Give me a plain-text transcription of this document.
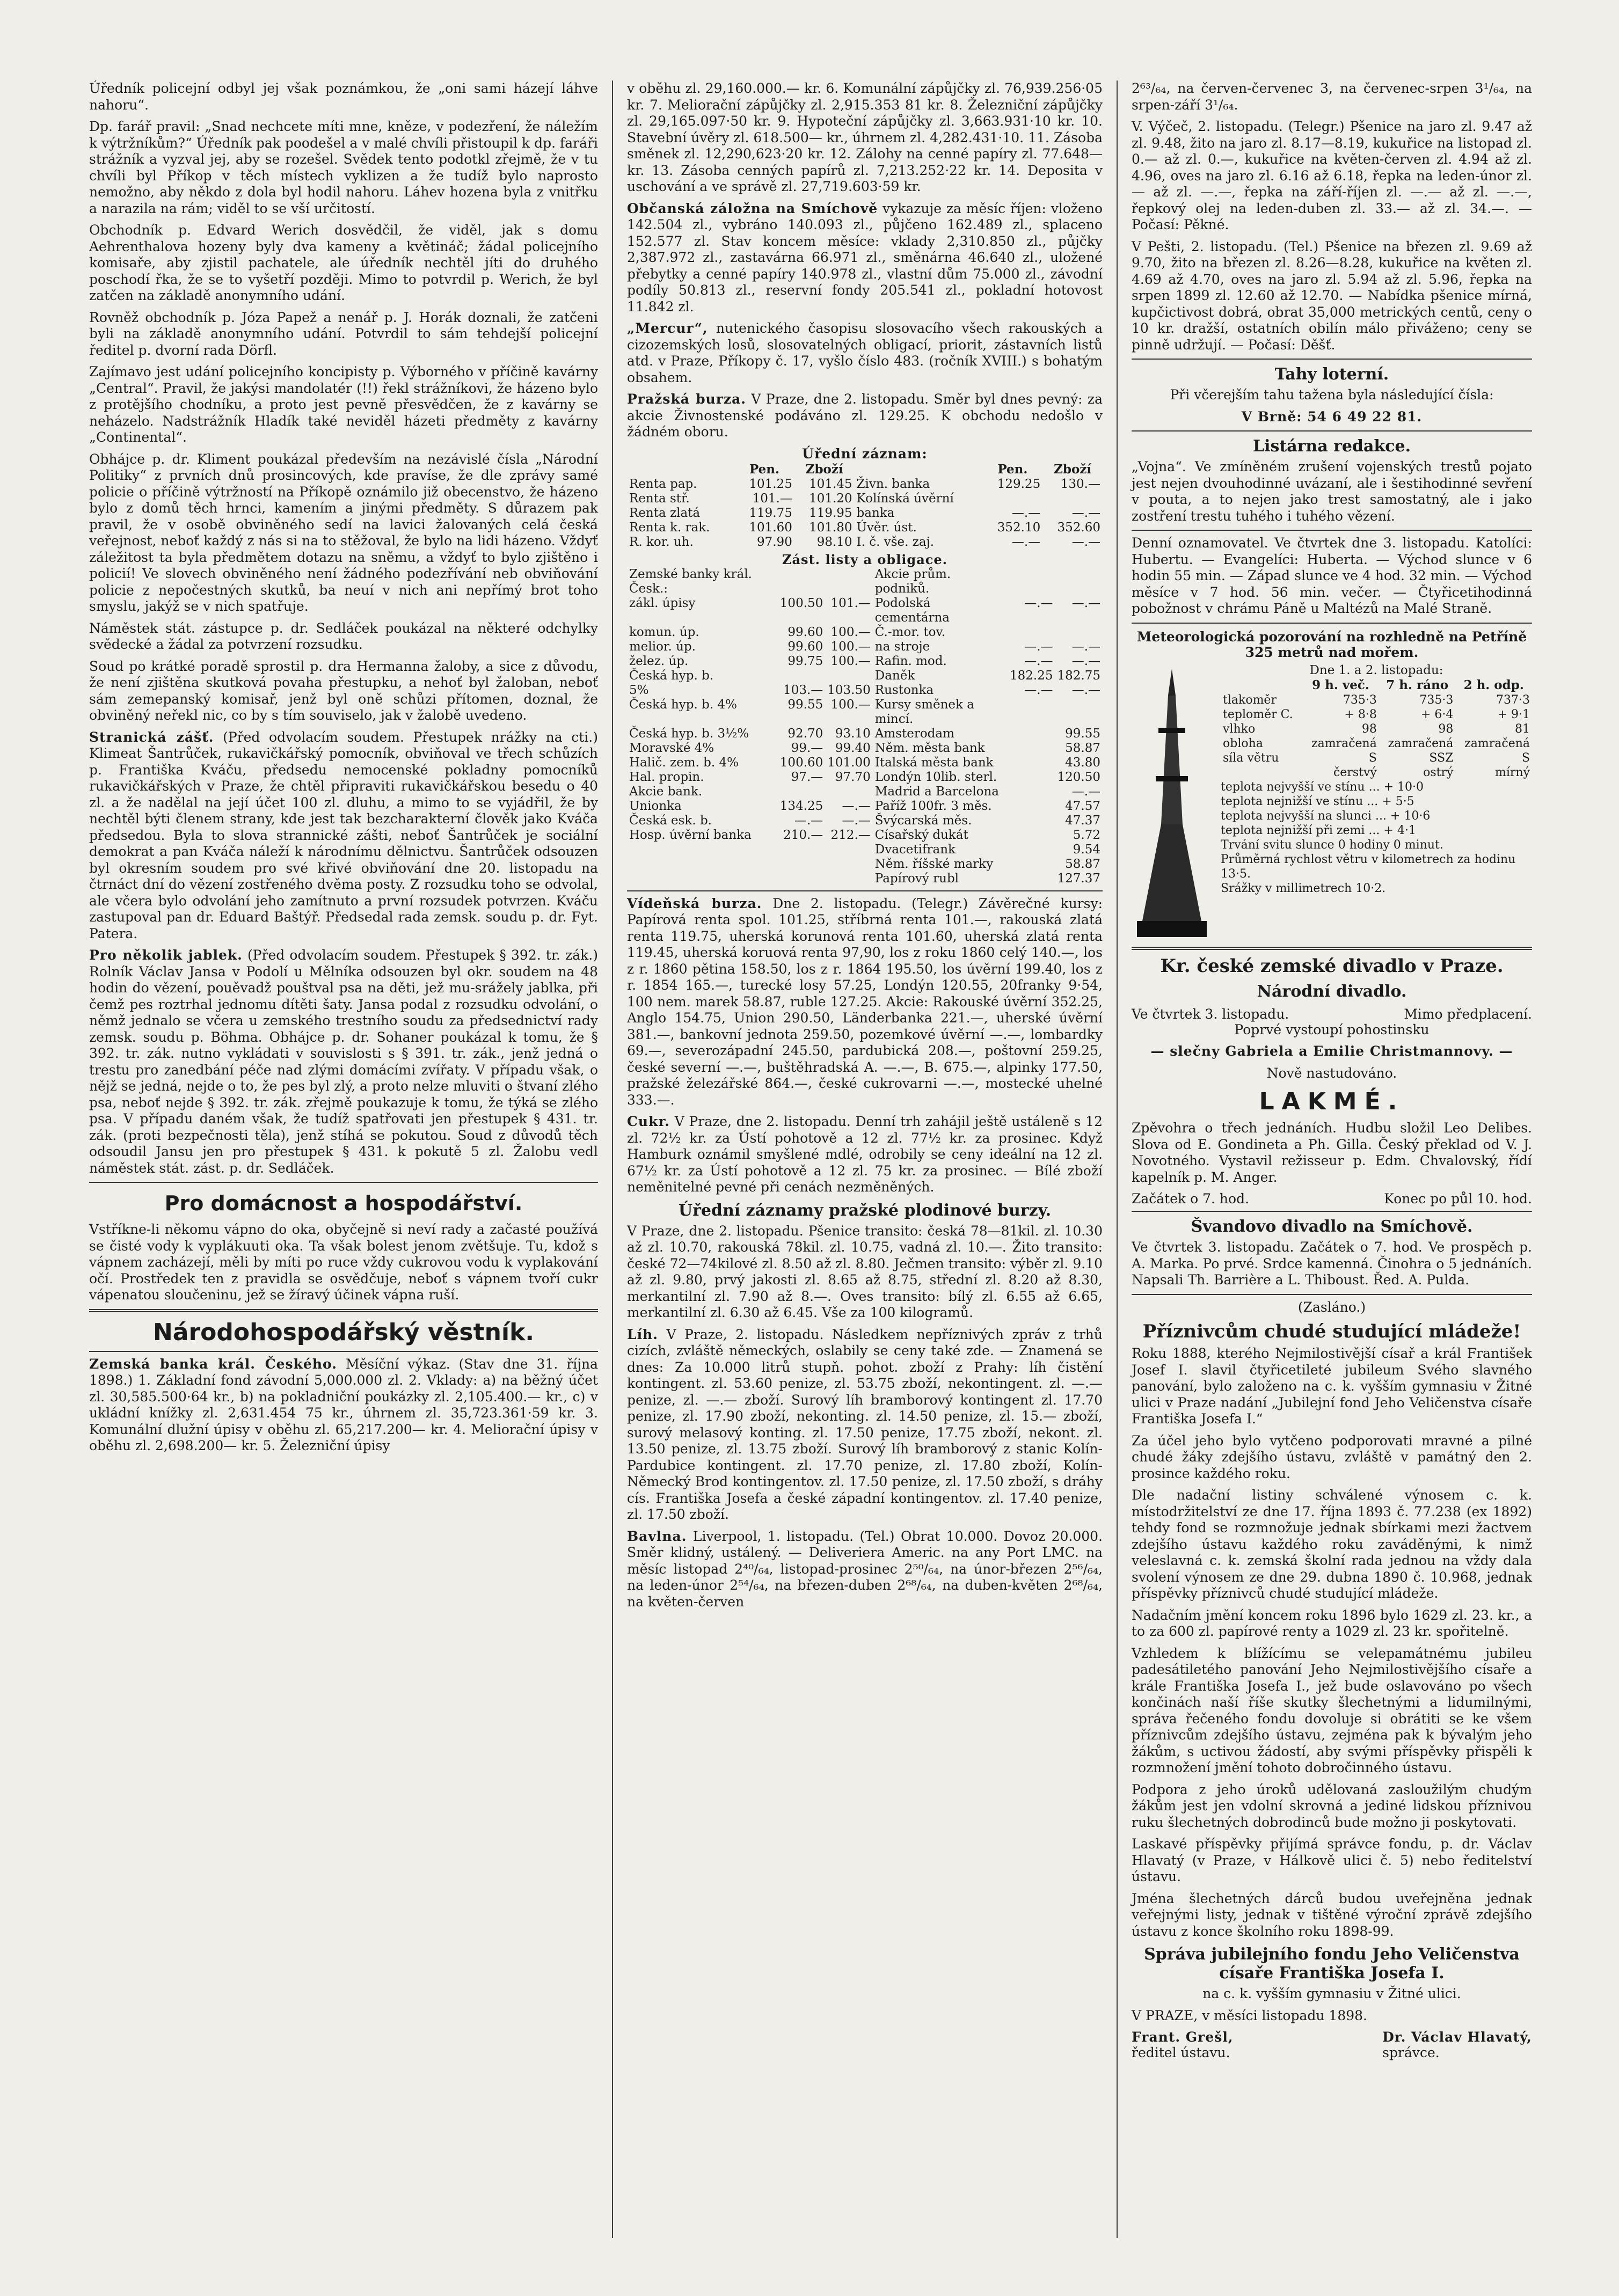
Úředník policejní odbyl jej však poznámkou, že „oni sami házejí láhve nahoru“.

Dp. farář pravil: „Snad nechcete míti mne, kněze, v podezření, že náležím k výtržníkům?“ Úředník pak poodešel a v malé chvíli přistoupil k dp. faráři strážník a vyzval jej, aby se rozešel. Svědek tento podotkl zřejmě, že v tu chvíli byl Příkop v těch místech vyklizen a že tudíž bylo naprosto nemožno, aby někdo z dola byl hodil nahoru. Láhev hozena byla z vnitřku a narazila na rám; viděl to se vší určitostí.

Obchodník p. Edvard Werich dosvědčil, že viděl, jak s domu Aehrenthalova hozeny byly dva kameny a květináč; žádal policejního komisaře, aby zjistil pachatele, ale úředník nechtěl jíti do druhého poschodí řka, že se to vyšetří později. Mimo to potvrdil p. Werich, že byl zatčen na základě anonymního udání.

Rovněž obchodník p. Józa Papež a nenář p. J. Horák doznali, že zatčeni byli na základě anonymního udání. Potvrdil to sám tehdejší policejní ředitel p. dvorní rada Dörfl.

Zajímavo jest udání policejního koncipisty p. Výborného v příčině kavárny „Central“. Pravil, že jakýsi mandolatér (!!) řekl strážníkovi, že házeno bylo z protějšího chodníku, a proto jest pevně přesvědčen, že z kavárny se neházelo. Nadstrážník Hladík také neviděl házeti předměty z kavárny „Continental“.

Obhájce p. dr. Kliment poukázal především na nezávislé čísla „Národní Politiky“ z prvních dnů prosincových, kde pravíse, že dle zprávy samé policie o příčině výtržností na Příkopě oznámilo již obecenstvo, že házeno bylo z domů těch hrnci, kamením a jinými předměty. S důrazem pak pravil, že v osobě obviněného sedí na lavici žalovaných celá česká veřejnost, neboť každý z nás si na to stěžoval, že bylo na lidi házeno. Vždyť záležitost ta byla předmětem dotazu na sněmu, a vždyť to bylo zjištěno i policií! Ve slovech obviněného není žádného podezřívání neb obviňování policie z nepočestných skutků, ba neuí v nich ani nepřímý brot toho smyslu, jakýž se v nich spatřuje.

Náměstek stát. zástupce p. dr. Sedláček poukázal na některé odchylky svědecké a žádal za potvrzení rozsudku.

Soud po krátké poradě sprostil p. dra Hermanna žaloby, a sice z důvodu, že není zjištěna skutková povaha přestupku, a nehoť byl žaloban, neboť sám zemepanský komisař, jenž byl oně schůzi přítomen, doznal, že obviněný neřekl nic, co by s tím souviselo, jak v žalobě uvedeno.

Stranická zášť. (Před odvolacím soudem. Přestupek nrážky na cti.) Klimeat Šantrůček, rukavičkářský pomocník, obviňoval ve třech schůzích p. Františka Kváču, předsedu nemocenské pokladny pomocníků rukavičkářských v Praze, že chtěl připraviti rukavičkářskou besedu o 40 zl. a že nadělal na její účet 100 zl. dluhu, a mimo to se vyjádřil, že by nechtěl býti členem strany, kde jest tak bezcharakterní člověk jako Kváča předsedou. Byla to slova strannické zášti, neboť Šantrůček je sociální demokrat a pan Kváča náleží k národnímu dělnictvu. Šantrůček odsouzen byl okresním soudem pro své křivé obviňování dne 20. listopadu na čtrnáct dní do vězení zostřeného dvěma posty. Z rozsudku toho se odvolal, ale včera bylo odvolání jeho zamítnuto a první rozsudek potvrzen. Kváču zastupoval pan dr. Eduard Baštýř. Předsedal rada zemsk. soudu p. dr. Fyt. Patera.

Pro několik jablek. (Před odvolacím soudem. Přestupek § 392. tr. zák.) Rolník Václav Jansa v Podolí u Mělníka odsouzen byl okr. soudem na 48 hodin do vězení, pouěvadž pouštval psa na děti, jež mu-srážely jablka, při čemž pes roztrhal jednomu dítěti šaty. Jansa podal z rozsudku odvolání, o němž jednalo se včera u zemského trestního soudu za předsednictví rady zemsk. soudu p. Böhma. Obhájce p. dr. Sohaner poukázal k tomu, že § 392. tr. zák. nutno vykládati v souvislosti s § 391. tr. zák., jenž jedná o trestu pro zanedbání péče nad zlými domácími zvířaty. V případu však, o nějž se jedná, nejde o to, že pes byl zlý, a proto nelze mluviti o štvaní zlého psa, neboť nejde § 392. tr. zák. zřejmě poukazuje k tomu, že týká se zlého psa. V případu daném však, že tudíž spatřovati jen přestupek § 431. tr. zák. (proti bezpečnosti těla), jenž stíhá se pokutou. Soud z důvodů těch odsoudil Jansu jen pro přestupek § 431. k pokutě 5 zl. Žalobu vedl náměstek stát. zást. p. dr. Sedláček.

Pro domácnost a hospodářství.

Vstříkne-li někomu vápno do oka, obyčejně si neví rady a začasté používá se čisté vody k vyplákuuti oka. Ta však bolest jenom zvětšuje. Tu, kdož s vápnem zacházejí, měli by míti po ruce vždy cukrovou vodu k vyplakování očí. Prostředek ten z pravidla se osvědčuje, neboť s vápnem tvoří cukr vápenatou sloučeninu, jež se žíravý účinek vápna ruší.

Národohospodářský věstník.

Zemská banka král. Českého. Měsíční výkaz. (Stav dne 31. října 1898.) 1. Základní fond závodní 5,000.000 zl. 2. Vklady: a) na běžný účet zl. 30,585.500·64 kr., b) na pokladniční poukázky zl. 2,105.400.— kr., c) v ukládní knížky zl. 2,631.454 75 kr., úhrnem zl. 35,723.361·59 kr. 3. Komunální dlužní úpisy v oběhu zl. 65,217.200— kr. 4. Meliorační úpisy v oběhu zl. 2,698.200— kr. 5. Železniční úpisy

v oběhu zl. 29,160.000.— kr. 6. Komunální zápůjčky zl. 76,939.256·05 kr. 7. Meliorační zápůjčky zl. 2,915.353 81 kr. 8. Železniční zápůjčky zl. 29,165.097·50 kr. 9. Hypoteční zápůjčky zl. 3,663.931·10 kr. 10. Stavební úvěry zl. 618.500— kr., úhrnem zl. 4,282.431·10. 11. Zásoba směnek zl. 12,290,623·20 kr. 12. Zálohy na cenné papíry zl. 77.648— kr. 13. Zásoba cenných papírů zl. 7,213.252·22 kr. 14. Deposita v uschování a ve správě zl. 27,719.603·59 kr.

Občanská záložna na Smíchově vykazuje za měsíc říjen: vloženo 142.504 zl., vybráno 140.093 zl., půjčeno 162.489 zl., splaceno 152.577 zl. Stav koncem měsíce: vklady 2,310.850 zl., půjčky 2,387.972 zl., zastavárna 66.971 zl., směnárna 46.640 zl., uložené přebytky a cenné papíry 140.978 zl., vlastní dům 75.000 zl., závodní podíly 50.813 zl., reservní fondy 205.541 zl., pokladní hotovost 11.842 zl.

„Mercur“, nutenického časopisu slosovacího všech rakouských a cizozemských losů, slosovatelných obligací, priorit, zástavních listů atd. v Praze, Příkopy č. 17, vyšlo číslo 483. (ročník XVIII.) s bohatým obsahem.

Pražská burza. V Praze, dne 2. listopadu. Směr byl dnes pevný: za akcie Živnostenské podáváno zl. 129.25. K obchodu nedošlo v žádném oboru.

Úřední záznam:
	Pen.	Zboží		Pen.	Zboží
Renta pap.	101.25	101.45	Živn. banka	129.25	130.—
Renta stř.	101.—	101.20	Kolínská úvěrní		
Renta zlatá	119.75	119.95	banka	—.—	—.—
Renta k. rak.	101.60	101.80	Úvěr. úst.	352.10	352.60
R. kor. uh.	97.90	98.10	I. č. vše. zaj.	—.—	—.—
Zást. listy a obligace.
Zemské banky král. Česk.:			Akcie prům. podniků.		
zákl. úpisy	100.50	101.—	Podolská cementárna	—.—	—.—
komun. úp.	99.60	100.—	Č.-mor. tov.		
melior. úp.	99.60	100.—	na stroje	—.—	—.—
želez. úp.	99.75	100.—	Rafin. mod.	—.—	—.—
Česká hyp. b.			Daněk	182.25	182.75
5%	103.—	103.50	Rustonka	—.—	—.—
Česká hyp. b. 4%	99.55	100.—	Kursy směnek a mincí.		
Česká hyp. b. 3½%	92.70	93.10	Amsterodam		99.55
Moravské 4%	99.—	99.40	Něm. města bank		58.87
Halič. zem. b. 4%	100.60	101.00	Italská města bank		43.80
Hal. propin.	97.—	97.70	Londýn 10lib. sterl.		120.50
Akcie bank.			Madrid a Barcelona		—.—
Unionka	134.25	—.—	Paříž 100fr. 3 měs.		47.57
Česká esk. b.	—.—	—.—	Švýcarská měs.		47.37
Hosp. úvěrní banka	210.—	212.—	Císařský dukát		5.72
			Dvacetifrank		9.54
			Něm. říšské marky		58.87
			Papírový rubl		127.37

Vídeňská burza. Dne 2. listopadu. (Telegr.) Závěrečné kursy: Papírová renta spol. 101.25, stříbrná renta 101.—, rakouská zlatá renta 119.75, uherská korunová renta 101.60, uherská zlatá renta 119.45, uherská koruová renta 97,90, los z roku 1860 celý 140.—, los z r. 1860 pětina 158.50, los z r. 1864 195.50, los úvěrní 199.40, los z r. 1854 165.—, turecké losy 57.25, Londýn 120.55, 20franky 9·54, 100 nem. marek 58.87, ruble 127.25. Akcie: Rakouské úvěrní 352.25, Anglo 154.75, Union 290.50, Länderbanka 221.—, uherské úvěrní 381.—, bankovní jednota 259.50, pozemkové úvěrní —.—, lombardky 69.—, severozápadní 245.50, pardubická 208.—, poštovní 259.25, české severní —.—, buštěhradská A. —.—, B. 675.—, alpinky 177.50, pražské železářské 864.—, české cukrovarni —.—, mostecké uhelné 333.—.

Cukr. V Praze, dne 2. listopadu. Denní trh zahájil ještě ustáleně s 12 zl. 72½ kr. za Ústí pohotově a 12 zl. 77½ kr. za prosinec. Když Hamburk oznámil smyšlené mdlé, odrobily se ceny ideální na 12 zl. 67½ kr. za Ústí pohotově a 12 zl. 75 kr. za prosinec. — Bílé zboží neměnitelné pevné při cenách nezměněných.

Úřední záznamy pražské plodinové burzy.

V Praze, dne 2. listopadu. Pšenice transito: česká 78—81kil. zl. 10.30 až zl. 10.70, rakouská 78kil. zl. 10.75, vadná zl. 10.—. Žito transito: české 72—74kilové zl. 8.50 až zl. 8.80. Ječmen transito: výběr zl. 9.10 až zl. 9.80, prvý jakosti zl. 8.65 až 8.75, střední zl. 8.20 až 8.30, merkantilní zl. 7.90 až 8.—. Oves transito: bílý zl. 6.55 až 6.65, merkantilní zl. 6.30 až 6.45. Vše za 100 kilogramů.

Líh. V Praze, 2. listopadu. Následkem nepříznivých zpráv z trhů cizích, zvláště německých, oslabily se ceny také zde. — Znamená se dnes: Za 10.000 litrů stupň. pohot. zboží z Prahy: líh čistění kontingent. zl. 53.60 penize, zl. 53.75 zboží, nekontingent. zl. —.— penize, zl. —.— zboží. Surový líh bramborový kontingent zl. 17.70 penize, zl. 17.90 zboží, nekonting. zl. 14.50 penize, zl. 15.— zboží, surový melasový konting. zl. 17.50 penize, 17.75 zboží, nekont. zl. 13.50 penize, zl. 13.75 zboží. Surový líh bramborový z stanic Kolín-Pardubice kontingent. zl. 17.70 penize, zl. 17.80 zboží, Kolín-Německý Brod kontingentov. zl. 17.50 penize, zl. 17.50 zboží, s dráhy cís. Františka Josefa a české západní kontingentov. zl. 17.40 penize, zl. 17.50 zboží.

Bavlna. Liverpool, 1. listopadu. (Tel.) Obrat 10.000. Dovoz 20.000. Směr klidný, ustálený. — Deliveriera Americ. na any Port LMC. na měsíc listopad 2⁴⁰/₆₄, listopad-prosinec 2⁵⁰/₆₄, na únor-březen 2⁵⁶/₆₄, na leden-únor 2⁵⁴/₆₄, na březen-duben 2⁶⁸/₆₄, na duben-květen 2⁶⁸/₆₄, na květen-červen

2⁶³/₆₄, na červen-červenec 3, na červenec-srpen 3¹/₆₄, na srpen-září 3¹/₆₄.

V. Výčeč, 2. listopadu. (Telegr.) Pšenice na jaro zl. 9.47 až zl. 9.48, žito na jaro zl. 8.17—8.19, kukuřice na listopad zl. 0.— až zl. 0.—, kukuřice na květen-červen zl. 4.94 až zl. 4.96, oves na jaro zl. 6.16 až 6.18, řepka na leden-únor zl. — až zl. —.—, řepka na září-říjen zl. —.— až zl. —.—, řepkový olej na leden-duben zl. 33.— až zl. 34.—. — Počasí: Pěkné.

V Pešti, 2. listopadu. (Tel.) Pšenice na březen zl. 9.69 až 9.70, žito na březen zl. 8.26—8.28, kukuřice na květen zl. 4.69 až 4.70, oves na jaro zl. 5.94 až zl. 5.96, řepka na srpen 1899 zl. 12.60 až 12.70. — Nabídka pšenice mírná, kupčictivost dobrá, obrat 35,000 metrických centů, ceny o 10 kr. dražší, ostatních obilín málo přiváženo; ceny se pinně udržují. — Počasí: Děšť.

Tahy loterní.

Při včerejším tahu tažena byla následující čísla:

V Brně: 54 6 49 22 81.

Listárna redakce.

„Vojna“. Ve zmíněném zrušení vojenských trestů pojato jest nejen dvouhodinné uvázaní, ale i šestihodinné sevření v pouta, a to nejen jako trest samostatný, ale i jako zostření trestu tuhého i tuhého vězení.

Denní oznamovatel. Ve čtvrtek dne 3. listopadu. Katolíci: Hubertu. — Evangelíci: Huberta. — Východ slunce v 6 hodin 55 min. — Západ slunce ve 4 hod. 32 min. — Východ měsíce v 7 hod. 56 min. večer. — Čtyřicetihodinná pobožnost v chrámu Páně u Maltézů na Malé Straně.

Meteorologická pozorování na rozhledně na Petříně 325 metrů nad mořem.
Dne 1. a 2. listopadu:
	9 h. več.	7 h. ráno	2 h. odp.
tlakoměr	735·3	735·3	737·3
teploměr C.	+ 8·8	+ 6·4	+ 9·1
vlhko	98	98	81
obloha	zamračená	zamračená	zamračená
síla větru	S	SSZ	S
	čerstvý	ostrý	mírný
teplota nejvyšší ve stínu ... + 10·0
teplota nejnižší ve stínu ... + 5·5
teplota nejvyšší na slunci ... + 10·6
teplota nejnižší při zemi ... + 4·1
Trvání svitu slunce 0 hodiny 0 minut.
Průměrná rychlost větru v kilometrech za hodinu 13·5.
Srážky v millimetrech 10·2.
Kr. české zemské divadlo v Praze.
Národní divadlo.
Ve čtvrtek 3. listopadu.	Mimo předplacení.

Poprvé vystoupí pohostinsku

— slečny Gabriela a Emilie Christmannovy. —

Nově nastudováno.

LAKMÉ.

Zpěvohra o třech jednáních. Hudbu složil Leo Delibes. Slova od E. Gondineta a Ph. Gilla. Český překlad od V. J. Novotného. Vystavil režisseur p. Edm. Chvalovský, řídí kapelník p. M. Anger.

Začátek o 7. hod.	Konec po půl 10. hod.
Švandovo divadlo na Smíchově.

Ve čtvrtek 3. listopadu. Začátek o 7. hod. Ve prospěch p. A. Marka. Po prvé. Srdce kamenná. Činohra o 5 jednáních. Napsali Th. Barrière a L. Thiboust. Řed. A. Pulda.

(Zasláno.)

Příznivcům chudé studující mládeže!

Roku 1888, kterého Nejmilostivější císař a král František Josef I. slavil čtyřicetileté jubileum Svého slavného panování, bylo založeno na c. k. vyšším gymnasiu v Žitné ulici v Praze nadání „Jubilejní fond Jeho Veličenstva císaře Františka Josefa I.“

Za účel jeho bylo vytčeno podporovati mravné a pilné chudé žáky zdejšího ústavu, zvláště v památný den 2. prosince každého roku.

Dle nadační listiny schválené výnosem c. k. místodržitelství ze dne 17. října 1893 č. 77.238 (ex 1892) tehdy fond se rozmnožuje jednak sbírkami mezi žactvem zdejšího ústavu každého roku zaváděnými, k nimž veleslavná c. k. zemská školní rada jednou na vždy dala svolení výnosem ze dne 29. dubna 1890 č. 10.968, jednak příspěvky příznivců chudé studující mládeže.

Nadačním jmění koncem roku 1896 bylo 1629 zl. 23. kr., a to za 600 zl. papírové renty a 1029 zl. 23 kr. spořitelně.

Vzhledem k blížícímu se velepamátnému jubileu padesátiletého panování Jeho Nejmilostivějšího císaře a krále Františka Josefa I., jež bude oslavováno po všech končinách naší říše skutky šlechetnými a lidumilnými, správa řečeného fondu dovoluje si obrátiti se ke všem příznivcům zdejšího ústavu, zejména pak k bývalým jeho žákům, s uctivou žádostí, aby svými příspěvky přispěli k rozmnožení jmění tohoto dobročinného ústavu.

Podpora z jeho úroků udělovaná zasloužilým chudým žákům jest jen vdolní skrovná a jediné lidskou příznivou ruku šlechetných dobrodinců bude možno ji poskytovati.

Laskavé příspěvky přijímá správce fondu, p. dr. Václav Hlavatý (v Praze, v Hálkově ulici č. 5) nebo ředitelství ústavu.

Jména šlechetných dárců budou uveřejněna jednak veřejnými listy, jednak v tištěné výroční zprávě zdejšího ústavu z konce školního roku 1898-99.

Správa jubilejního fondu Jeho Veličenstva císaře Františka Josefa I.

na c. k. vyšším gymnasiu v Žitné ulici.

V PRAZE, v měsíci listopadu 1898.

Frant. Grešl,
ředitel ústavu.
Dr. Václav Hlavatý,
správce.
